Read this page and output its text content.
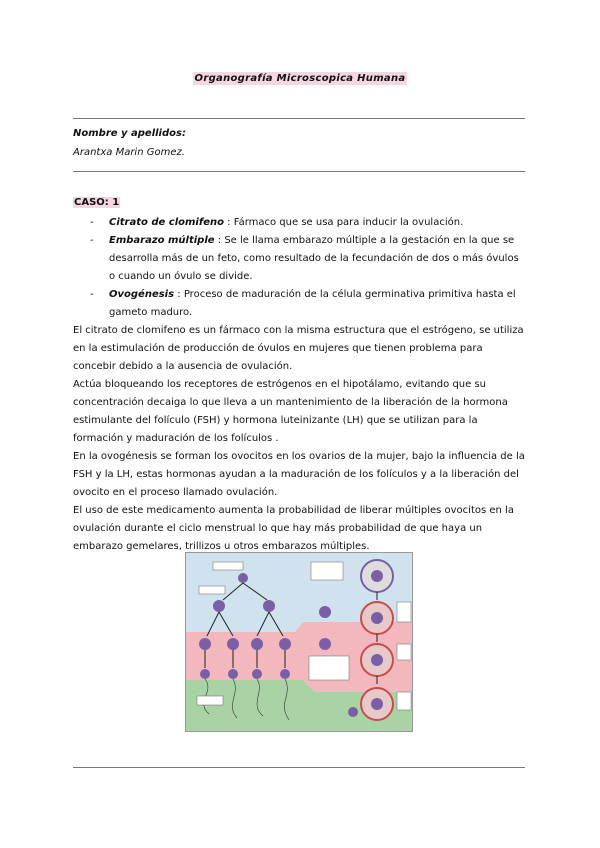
Organografía Microscopica Humana
Nombre y apellidos:
Arantxa Marin Gomez.
CASO: 1
- Citrato de clomifeno : Fármaco que se usa para inducir la ovulación.
- Embarazo múltiple : Se le llama embarazo múltiple a la gestación en la que se desarrolla más de un feto, como resultado de la fecundación de dos o más óvulos o cuando un óvulo se divide.
- Ovogénesis : Proceso de maduración de la célula germinativa primitiva hasta el gameto maduro.

El citrato de clomifeno es un fármaco con la misma estructura que el estrógeno, se utiliza en la estimulación de producción de óvulos en mujeres que tienen problema para concebir debido a la ausencia de ovulación.

Actúa bloqueando los receptores de estrógenos en el hipotálamo, evitando que su concentración decaiga lo que lleva a un mantenimiento de la liberación de la hormona estimulante del folículo (FSH) y hormona luteinizante (LH) que se utilizan para la formación y maduración de los folículos .

En la ovogénesis se forman los ovocitos en los ovarios de la mujer, bajo la influencia de la FSH y la LH, estas hormonas ayudan a la maduración de los folículos y a la liberación del ovocito en el proceso llamado ovulación.

El uso de este medicamento aumenta la probabilidad de liberar múltiples ovocitos en la ovulación durante el ciclo menstrual lo que hay más probabilidad de que haya un embarazo gemelares, trillizos u otros embarazos múltiples.
